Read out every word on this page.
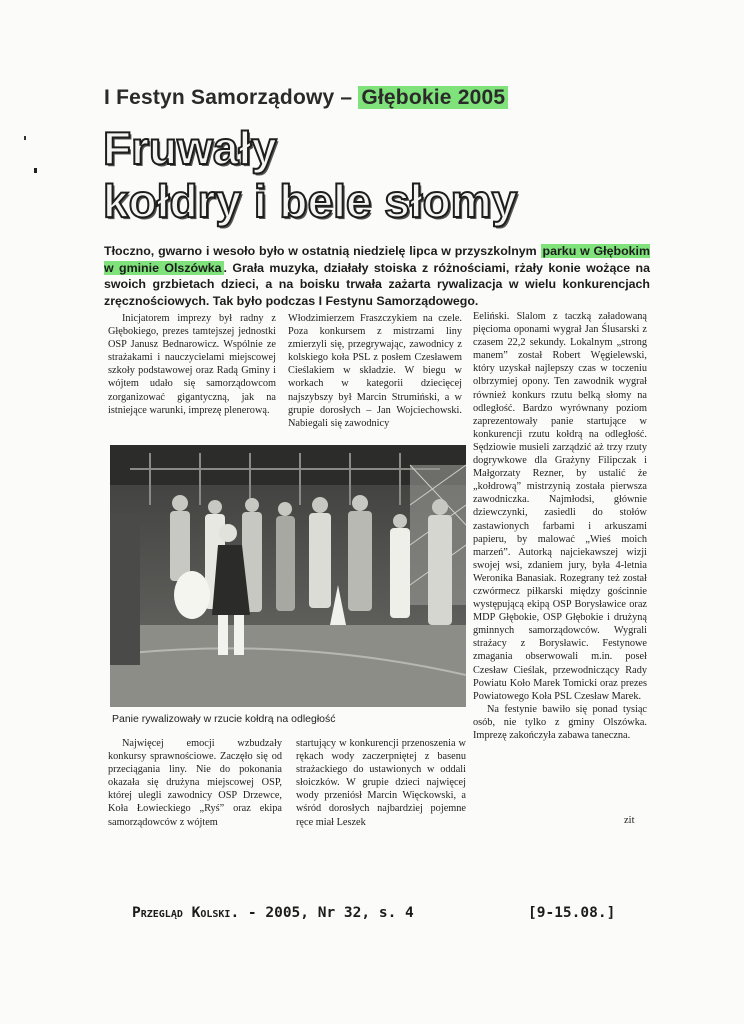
I Festyn Samorządowy – Głębokie 2005
Fruwały
kołdry i bele słomy
Tłoczno, gwarno i wesoło było w ostatnią niedzielę lipca w przyszkolnym parku w Głębokim w gminie Olszówka . Grała muzyka, działały stoiska z różnościami, rżały konie wożące na swoich grzbietach dzieci, a na boisku trwała zażarta rywalizacja w wielu konkurencjach zręcznościowych. Tak było podczas I Festynu Samorządowego.

Inicjatorem imprezy był radny z Głębokiego, prezes tamtejszej jednostki OSP Janusz Bednarowicz. Wspólnie ze strażakami i nauczycielami miejscowej szkoły podstawowej oraz Radą Gminy i wójtem udało się samorządowcom zorganizować gigantyczną, jak na istniejące warunki, imprezę plenerową.

Włodzimierzem Fraszczykiem na czele. Poza konkursem z mistrzami liny zmierzyli się, przegrywając, zawodnicy z kolskiego koła PSL z posłem Czesławem Cieślakiem w składzie. W biegu w workach w kategorii dziecięcej najszybszy był Marcin Strumiński, a w grupie dorosłych – Jan Wojciechowski. Nabiegali się zawodnicy

Eeliński. Slalom z taczką załadowaną pięcioma oponami wygrał Jan Ślusarski z czasem 22,2 sekundy. Lokalnym „strong manem” został Robert Węgielewski, który uzyskał najlepszy czas w toczeniu olbrzymiej opony. Ten zawodnik wygrał również konkurs rzutu belką słomy na odległość. Bardzo wyrównany poziom zaprezentowały panie startujące w konkurencji rzutu kołdrą na odległość. Sędziowie musieli zarządzić aż trzy rzuty dogrywkowe dla Grażyny Filipczak i Małgorzaty Rezner, by ustalić że „kołdrową” mistrzynią została pierwsza zawodniczka. Najmłodsi, głównie dziewczynki, zasiedli do stołów zastawionych farbami i arkuszami papieru, by malować „Wieś moich marzeń”. Autorką najciekawszej wizji swojej wsi, zdaniem jury, była 4-letnia Weronika Banasiak. Rozegrany też został czwórmecz piłkarski między gościnnie występującą ekipą OSP Borysławice oraz MDP Głębokie, OSP Głębokie i drużyną gminnych samorządowców. Wygrali strażacy z Borysławic. Festynowe zmagania obserwowali m.in. poseł Czesław Cieślak, przewodniczący Rady Powiatu Koło Marek Tomicki oraz prezes Powiatowego Koła PSL Czesław Marek.

Na festynie bawiło się ponad tysiąc osób, nie tylko z gminy Olszówka. Imprezę zakończyła zabawa taneczna.

Panie rywalizowały w rzucie kołdrą na odległość

Najwięcej emocji wzbudzały konkursy sprawnościowe. Zaczęło się od przeciągania liny. Nie do pokonania okazała się drużyna miejscowej OSP, której ulegli zawodnicy OSP Drzewce, Koła Łowieckiego „Ryś” oraz ekipa samorządowców z wójtem

startujący w konkurencji przenoszenia w rękach wody zaczerpniętej z basenu strażackiego do ustawionych w oddali słoiczków. W grupie dzieci najwięcej wody przeniósł Marcin Więckowski, a wśród dorosłych najbardziej pojemne ręce miał Leszek	zit
Przegląd Kolski. - 2005, Nr 32, s. 4	[9-15.08.]
